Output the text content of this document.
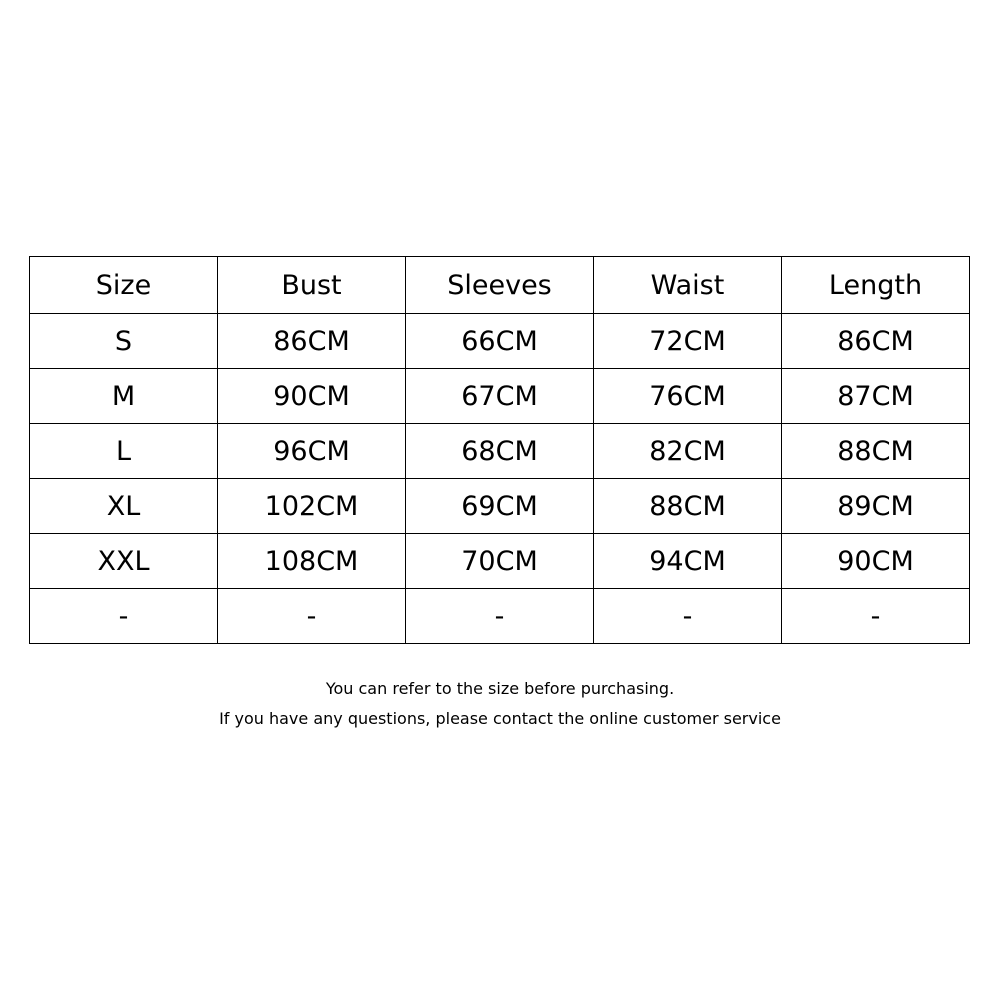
Size	Bust	Sleeves	Waist	Length
S	86CM	66CM	72CM	86CM
M	90CM	67CM	76CM	87CM
L	96CM	68CM	82CM	88CM
XL	102CM	69CM	88CM	89CM
XXL	108CM	70CM	94CM	90CM
-	-	-	-	-
You can refer to the size before purchasing.
If you have any questions, please contact the online customer service
